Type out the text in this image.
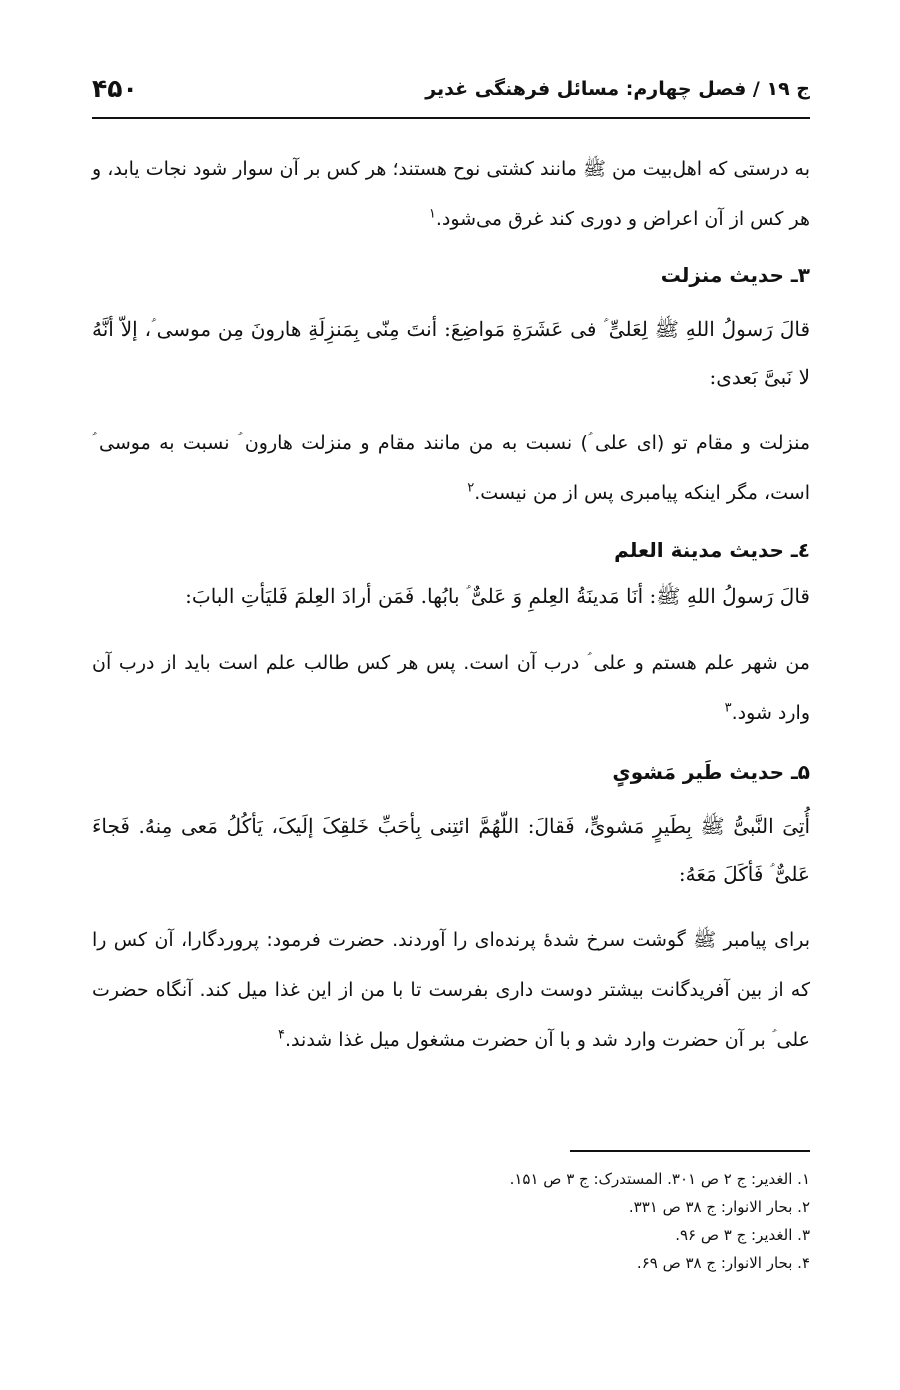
ج ۱۹ / فصل چهارم: مسائل فرهنگی غدیر
۴۵۰
به درستی که اهل‌بیت من ﷺ مانند کشتی نوح هستند؛ هر کس بر آن سوار شود نجات یابد، و هر کس از آن اعراض و دوری کند غرق می‌شود.$^۱$
۳ـ حدیث منزلت
قالَ رَسولُ اللهِ ﷺ لِعَلیٍّ ؑ فی عَشَرَةِ مَواضِعَ: أنتَ مِنّی بِمَنزِلَةِ هارونَ مِن موسی ؑ، إلاّ أنَّهُ لا نَبیَّ بَعدی:
منزلت و مقام تو (ای علی ؑ) نسبت به من مانند مقام و منزلت هارون ؑ نسبت به موسی ؑ است، مگر اینکه پیامبری پس از من نیست.$^۲$
٤ـ حدیث مدینة العلم
قالَ رَسولُ اللهِ ﷺ: أنَا مَدینَةُ العِلمِ وَ عَلیٌّ ؑ بابُها. فَمَن أرادَ العِلمَ فَلیَأتِ البابَ:
من شهر علم هستم و علی ؑ درب آن است. پس هر کس طالب علم است باید از درب آن وارد شود.$^۳$
۵ـ حدیث طَیر مَشویٍ
أُتِیَ النَّبیُّ ﷺ بِطَیرٍ مَشویٍّ، فَقالَ: اللّهُمَّ ائتِنی بِأحَبِّ خَلقِکَ إلَیکَ، یَأکُلُ مَعی مِنهُ. فَجاءَ عَلیٌّ ؑ فَأکَلَ مَعَهُ:
برای پیامبر ﷺ گوشت سرخ شدهٔ پرنده‌ای را آوردند. حضرت فرمود: پروردگارا، آن کس را که از بین آفریدگانت بیشتر دوست داری بفرست تا با من از این غذا میل کند. آنگاه حضرت علی ؑ بر آن حضرت وارد شد و با آن حضرت مشغول میل غذا شدند.$^۴$
۱. الغدیر: ج ۲ ص ۳۰۱. المستدرک: ج ۳ ص ۱۵۱.
۲. بحار الانوار: ج ۳۸ ص ۳۳۱.
۳. الغدیر: ج ۳ ص ۹۶.
۴. بحار الانوار: ج ۳۸ ص ۶۹.
